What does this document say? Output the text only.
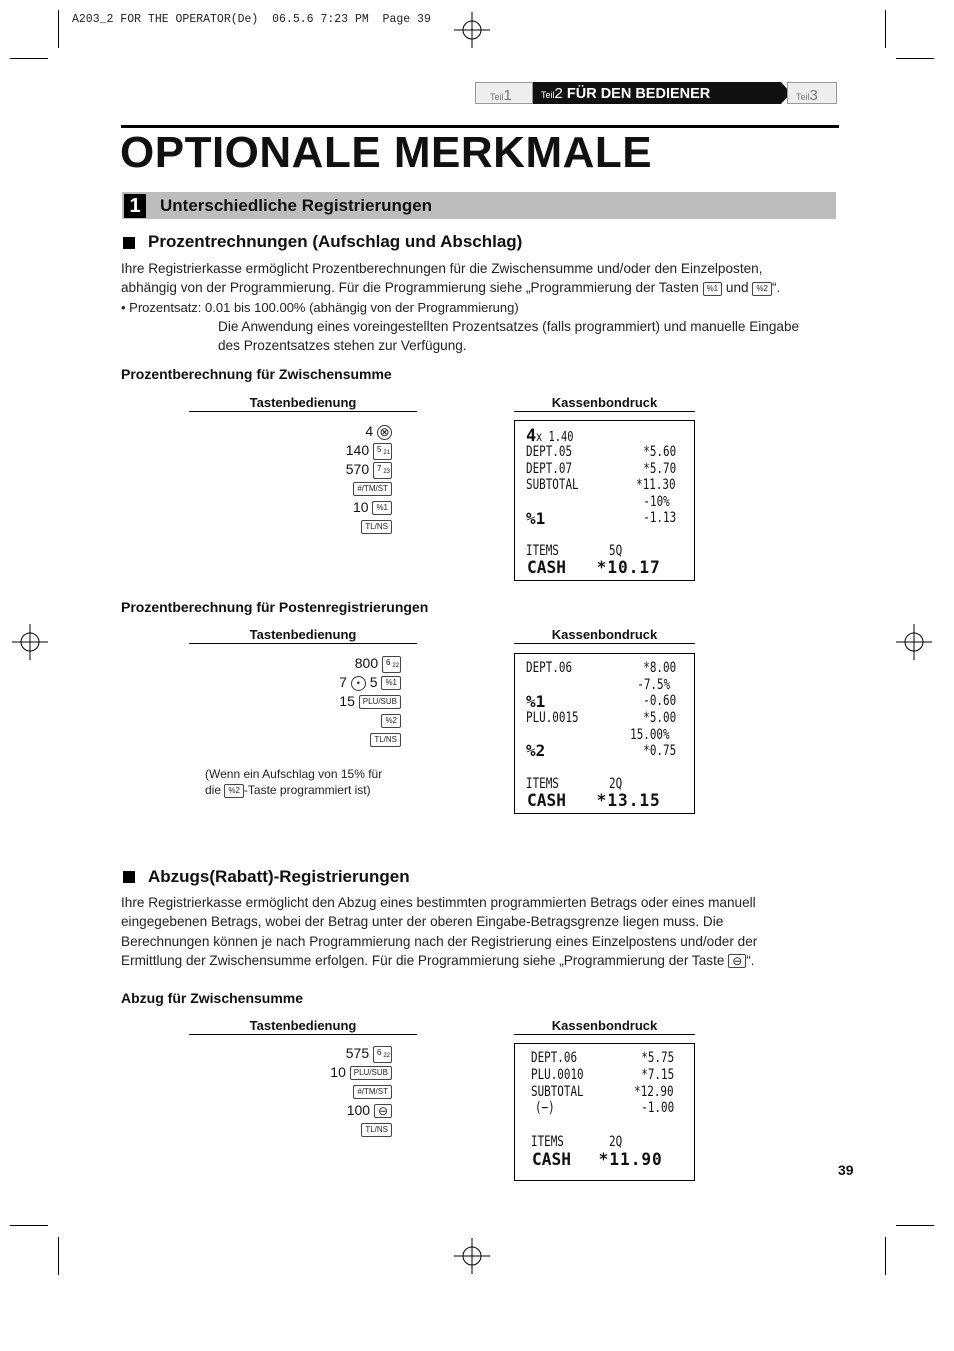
A203_2 FOR THE OPERATOR(De)  06.5.6 7:23 PM  Page 39
Teil1	Teil2 FÜR DEN BEDIENER	Teil3
OPTIONALE MERKMALE
1	Unterschiedliche Registrierungen
Prozentrechnungen (Aufschlag und Abschlag)
Ihre Registrierkasse ermöglicht Prozentberechnungen für die Zwischensumme und/oder den Einzelposten,
abhängig von der Programmierung. Für die Programmierung siehe „Programmierung der Tasten %1 und %2 “.
• Prozentsatz: 0.01 bis 100.00% (abhängig von der Programmierung)
Die Anwendung eines voreingestellten Prozentsatzes (falls programmiert) und manuelle Eingabe
des Prozentsatzes stehen zur Verfügung.
Prozentberechnung für Zwischensumme
Tastenbedienung	Kassenbondruck
4 ⊗
140 5 21
570 7 23
#/TM/ST
10 %1
TL/NS
4x 1.40
DEPT.05	*5.60
DEPT.07	*5.70
SUBTOTAL	*11.30
-10%
%1	-1.13
ITEMS	5Q
CASH *10.17
Prozentberechnung für Postenregistrierungen
Tastenbedienung	Kassenbondruck
800 6 22
7 • 5 %1
15 PLU/SUB
%2
TL/NS
(Wenn ein Aufschlag von 15% für
die %2 -Taste programmiert ist)
DEPT.06	*8.00
-7.5%
%1	-0.60
PLU.0015	*5.00
15.00%
%2	*0.75
ITEMS	2Q
CASH *13.15
Abzugs(Rabatt)-Registrierungen
Ihre Registrierkasse ermöglicht den Abzug eines bestimmten programmierten Betrags oder eines manuell
eingegebenen Betrags, wobei der Betrag unter der oberen Eingabe-Betragsgrenze liegen muss. Die
Berechnungen können je nach Programmierung nach der Registrierung eines Einzelpostens und/oder der
Ermittlung der Zwischensumme erfolgen. Für die Programmierung siehe „Programmierung der Taste ⊖ “.
Abzug für Zwischensumme
Tastenbedienung	Kassenbondruck
575 6 22
10 PLU/SUB
#/TM/ST
100 ⊖
TL/NS
DEPT.06	*5.75
PLU.0010	*7.15
SUBTOTAL	*12.90
(−)	-1.00
ITEMS	2Q
CASH *11.90	39
